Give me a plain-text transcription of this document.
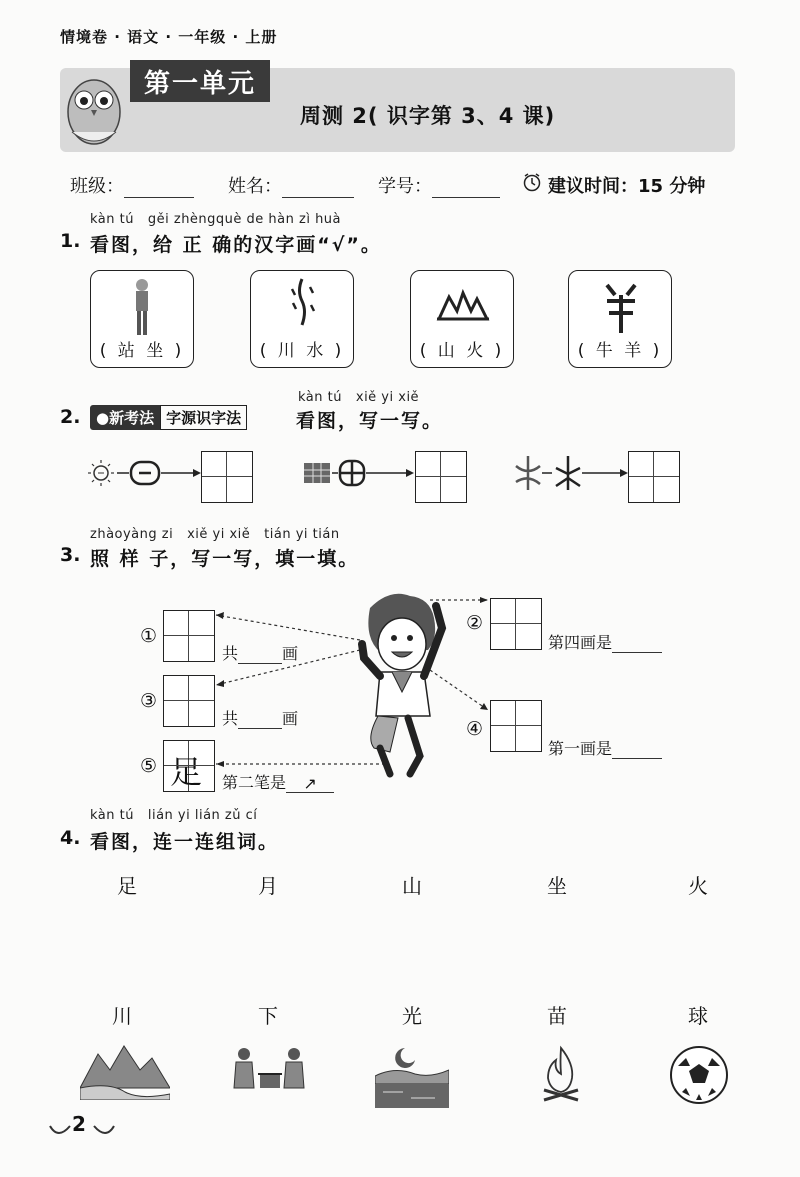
情境卷 · 语文 · 一年级 · 上册
第一单元
周测 2( 识字第 3、4 课)
班级：	姓名：	学号：	建议时间：15 分钟
kàn tú   gěi zhèngquè de hàn zì huà
1. 看图，给 正 确的汉字画“√”。
( 站 坐 )	( 川 水 )	( 山 火 )	( 牛 羊 )
kàn tú   xiě yi xiě
2.	●新考法 字源识字法	看图，写一写。
zhàoyàng zi   xiě yi xiě   tián yi tián
3. 照 样 子，写一写，填一填。
①
共	画
③
共	画
⑤ 足 第二笔是 ↗
②
第四画是
④
第一画是
kàn tú   lián yi lián zǔ cí
4. 看图，连一连组词。
足	月	山	坐	火
川	下	光	苗	球
2
